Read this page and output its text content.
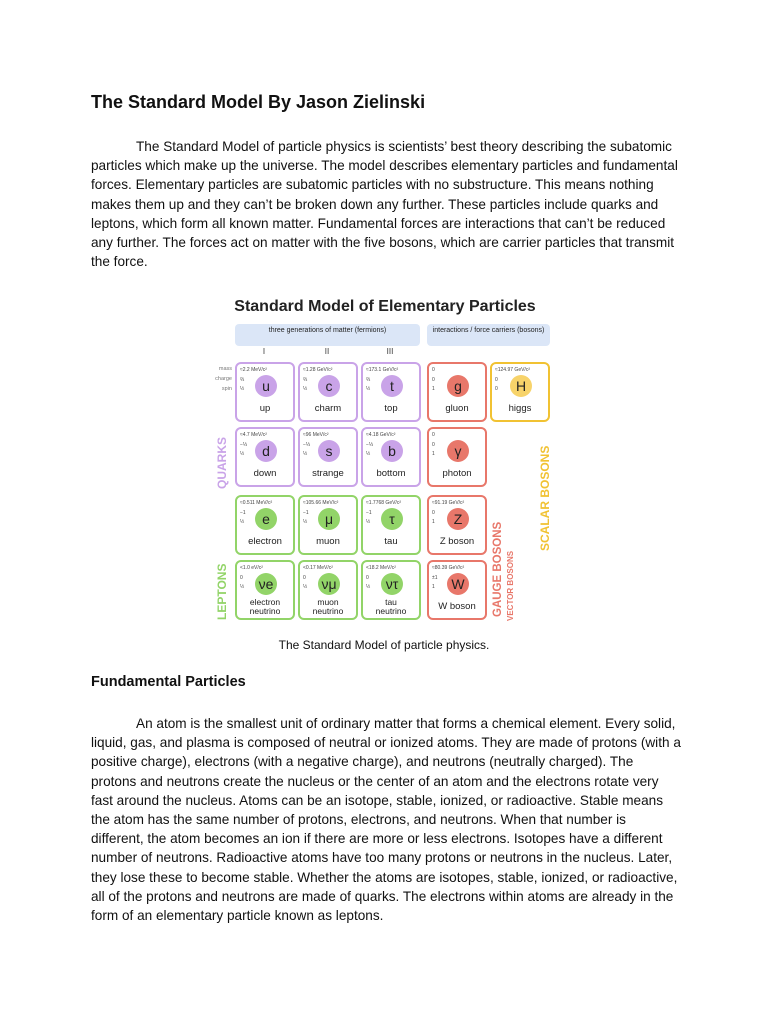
The Standard Model By Jason Zielinski

The Standard Model of particle physics is scientists’ best theory describing the subatomic particles which make up the universe. The model describes elementary particles and fundamental forces. Elementary particles are subatomic particles with no substructure. This means nothing makes them up and they can’t be broken down any further. These particles include quarks and leptons, which form all known matter. Fundamental forces are interactions that can’t be reduced any further. The forces act on matter with the five bosons, which are carrier particles that transmit the force.

Standard Model of Elementary Particles
three generations of matter (fermions)	interactions / force carriers (bosons)
I	II	III
mass
charge
spin
≈2.2 MeV/c²
⅔
½	u
up
≈1.28 GeV/c²
⅔
½	c
charm
≈173.1 GeV/c²
⅔
½	t
top
0
0
1	g
gluon
≈124.97 GeV/c²
0
0	H
higgs
≈4.7 MeV/c²
−⅓
½	d
down
≈96 MeV/c²
−⅓
½	s
strange
≈4.18 GeV/c²
−⅓
½	b
bottom
0
0
1	γ
photon
≈0.511 MeV/c²
−1
½	e
electron
≈105.66 MeV/c²
−1
½	μ
muon
≈1.7768 GeV/c²
−1
½	τ
tau
≈91.19 GeV/c²
0
1	Z
Z boson
<1.0 eV/c²
0
½ νe
electron
neutrino
<0.17 MeV/c²
0
½ νμ
muon
neutrino
<18.2 MeV/c²
0
½	ντ
tau
neutrino
≈80.39 GeV/c²
±1
1	W
W boson
QUARKS
LEPTONS	GAUGE BOSONS VECTOR BOSONS
SCALAR BOSONS
The Standard Model of particle physics.
Fundamental Particles

An atom is the smallest unit of ordinary matter that forms a chemical element. Every solid, liquid, gas, and plasma is composed of neutral or ionized atoms. They are made of protons (with a positive charge), electrons (with a negative charge), and neutrons (neutrally charged). The protons and neutrons create the nucleus or the center of an atom and the electrons rotate very fast around the nucleus. Atoms can be an isotope, stable, ionized, or radioactive. Stable means the atom has the same number of protons, electrons, and neutrons. When that number is different, the atom becomes an ion if there are more or less electrons. Isotopes have a different number of neutrons. Radioactive atoms have too many protons or neutrons in the nucleus. Later, they lose these to become stable. Whether the atoms are isotopes, stable, ionized, or radioactive, all of the protons and neutrons are made of quarks. The electrons within atoms are already in the form of an elementary particle known as leptons.
